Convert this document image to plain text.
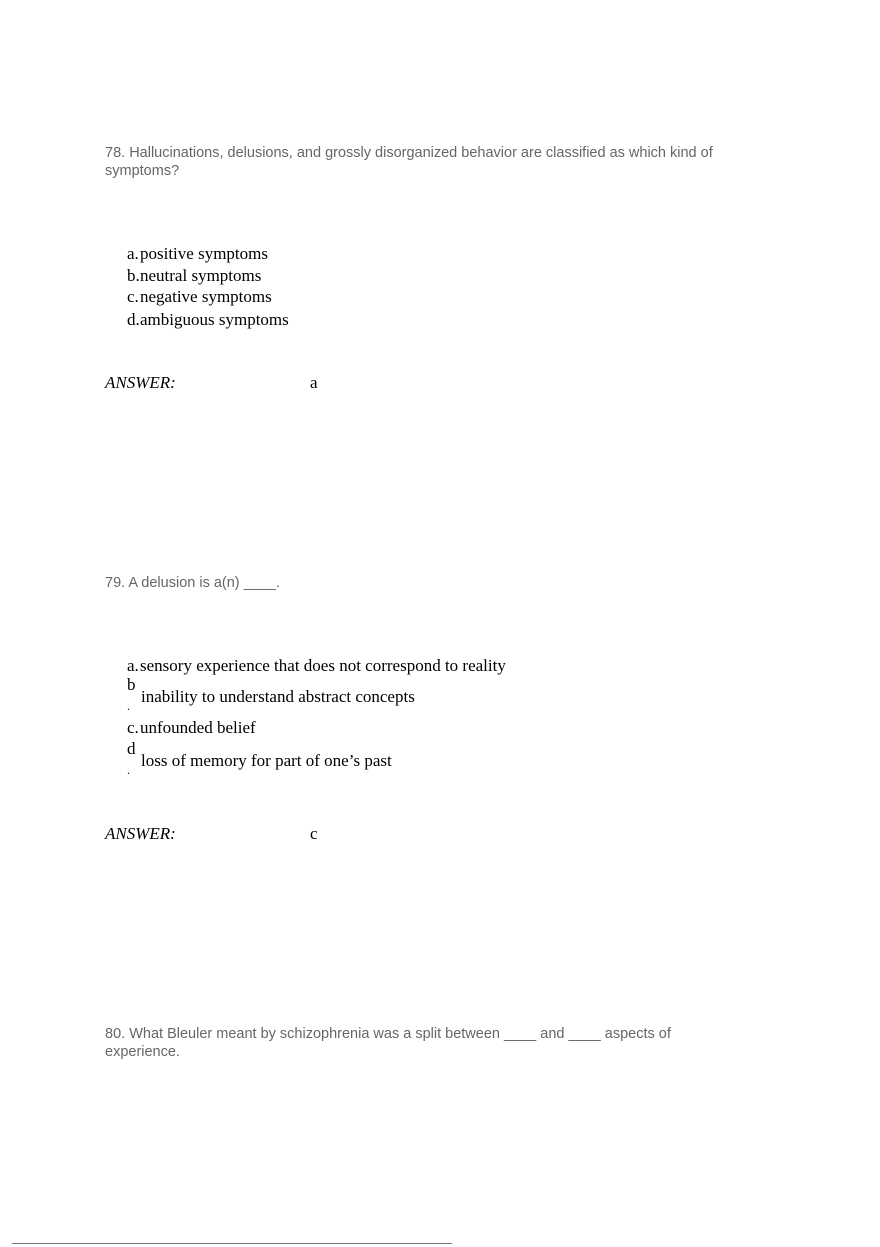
78. Hallucinations, delusions, and grossly disorganized behavior are classified as which kind of symptoms?
a.positive symptoms
b.neutral symptoms
c.negative symptoms
d.ambiguous symptoms
ANSWER:	a
79. A delusion is a(n) ____.
a.sensory experience that does not correspond to reality
b
. inability to understand abstract concepts
c.unfounded belief
d
. loss of memory for part of one’s past
ANSWER:	c
80. What Bleuler meant by schizophrenia was a split between ____ and ____ aspects of experience.
